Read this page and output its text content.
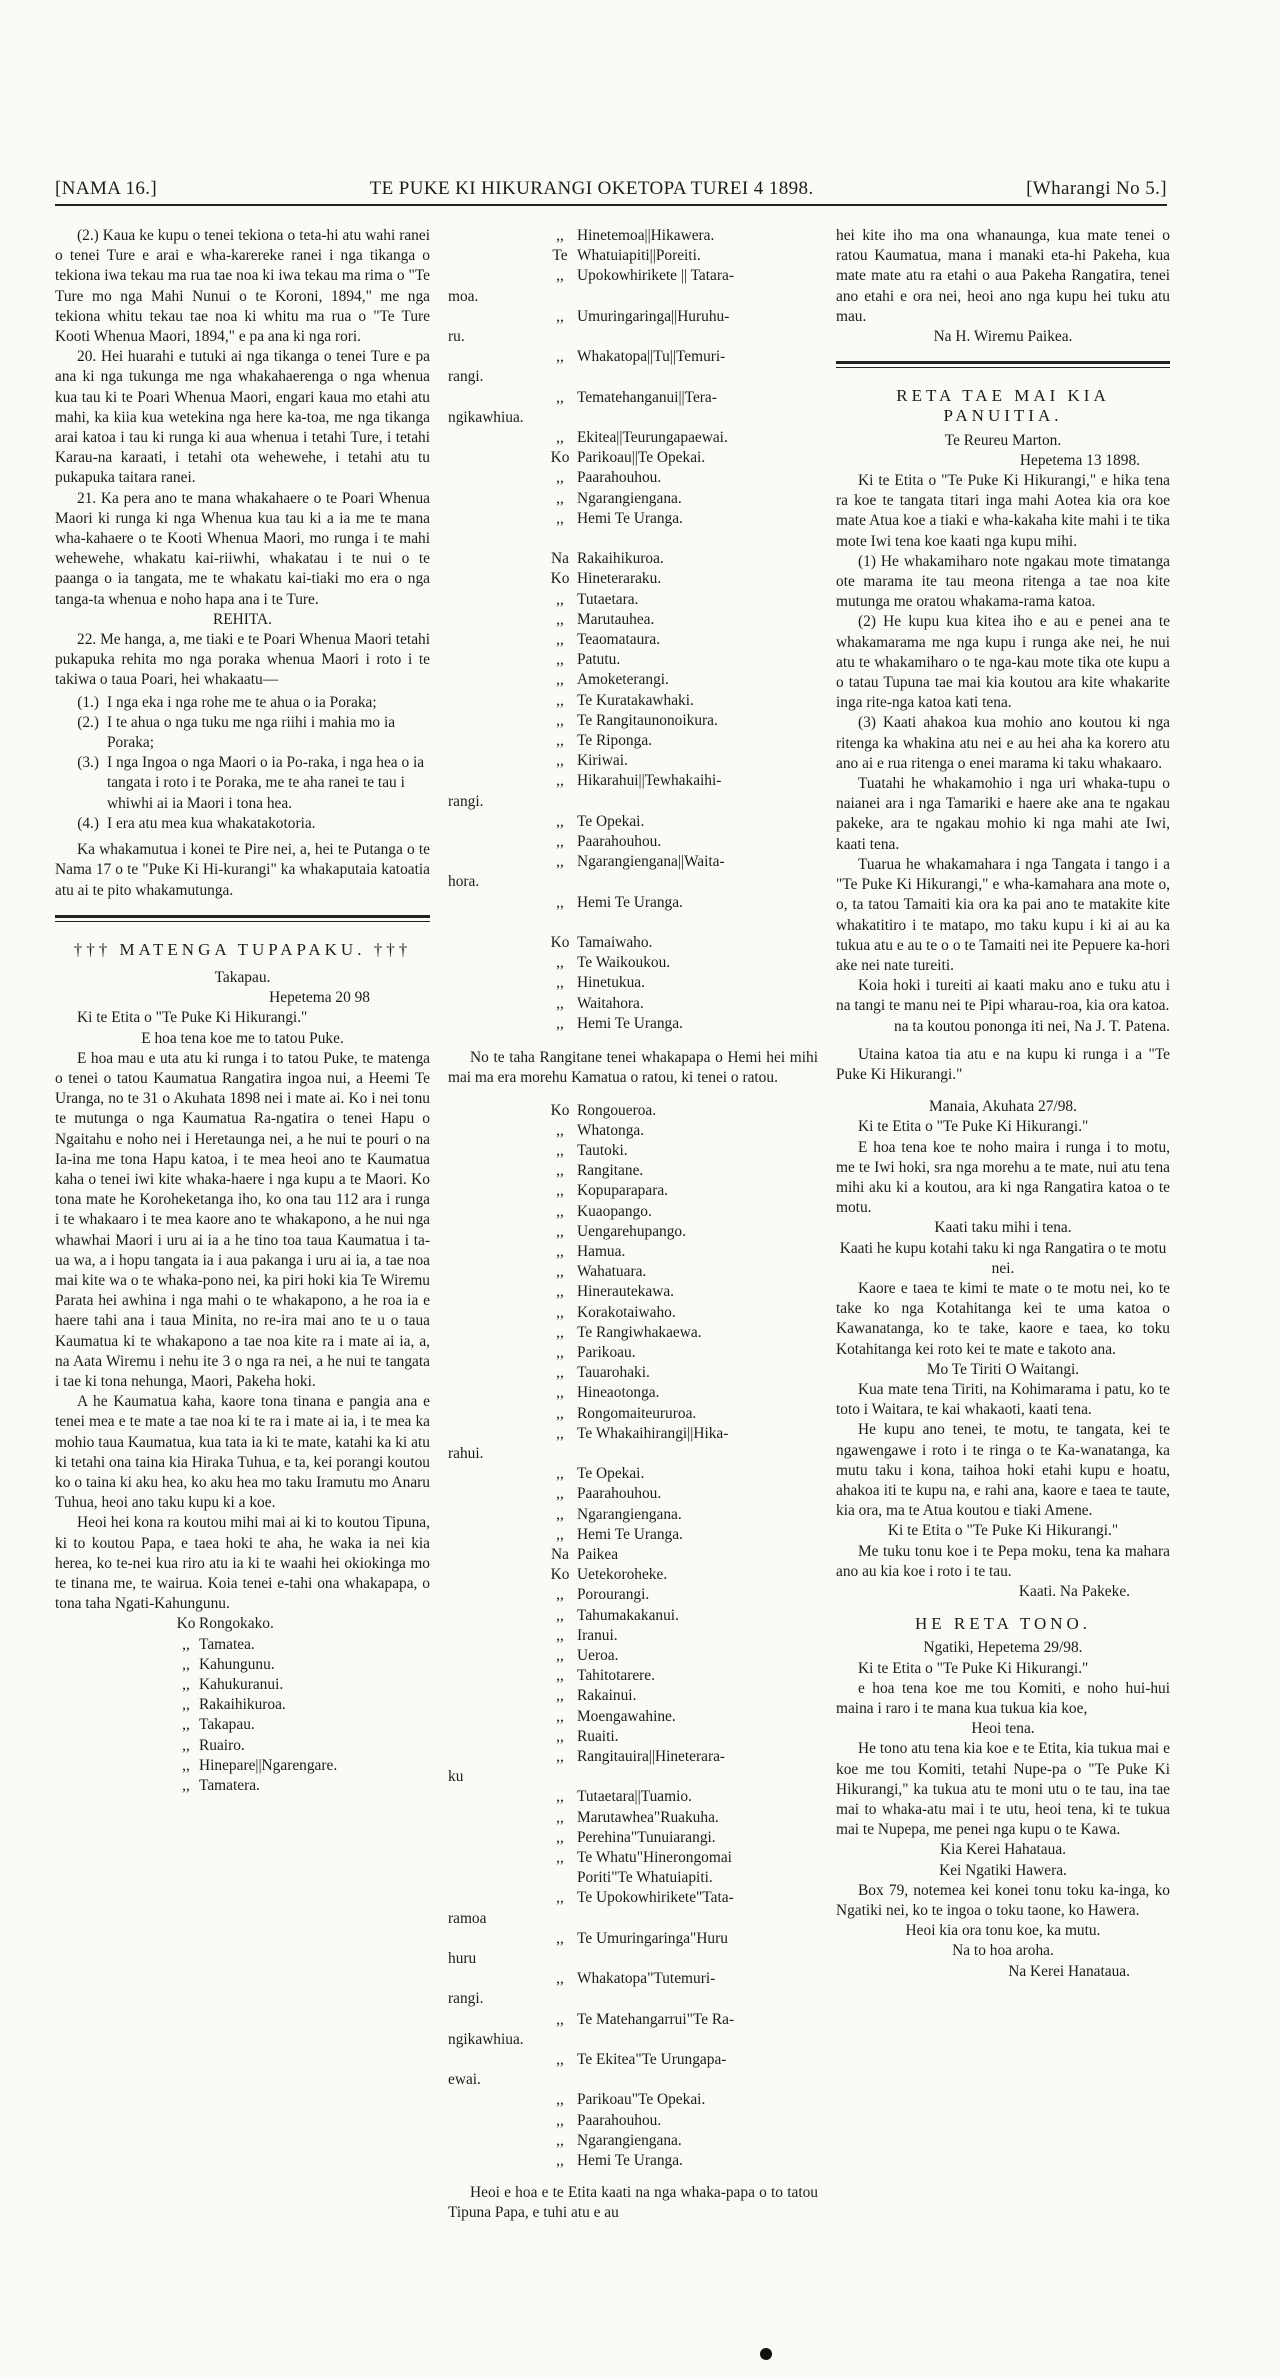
[NAMA 16.]	TE PUKE KI HIKURANGI OKETOPA TUREI 4 1898.	[Wharangi No 5.]

(2.) Kaua ke kupu o tenei tekiona o teta-hi atu wahi ranei o tenei Ture e arai e wha-karereke ranei i nga tikanga o tekiona iwa tekau ma rua tae noa ki iwa tekau ma rima o "Te Ture mo nga Mahi Nunui o te Koroni, 1894," me nga tekiona whitu tekau tae noa ki whitu ma rua o "Te Ture Kooti Whenua Maori, 1894," e pa ana ki nga rori.

20. Hei huarahi e tutuki ai nga tikanga o tenei Ture e pa ana ki nga tukunga me nga whakahaerenga o nga whenua kua tau ki te Poari Whenua Maori, engari kaua mo etahi atu mahi, ka kiia kua wetekina nga here ka-toa, me nga tikanga arai katoa i tau ki runga ki aua whenua i tetahi Ture, i tetahi Karau-na karaati, i tetahi ota wehewehe, i tetahi atu tu pukapuka taitara ranei.

21. Ka pera ano te mana whakahaere o te Poari Whenua Maori ki runga ki nga Whenua kua tau ki a ia me te mana wha-kahaere o te Kooti Whenua Maori, mo runga i te mahi wehewehe, whakatu kai-riiwhi, whakatau i te nui o te paanga o ia tangata, me te whakatu kai-tiaki mo era o nga tanga-ta whenua e noho hapa ana i te Ture.

REHITA.

22. Me hanga, a, me tiaki e te Poari Whenua Maori tetahi pukapuka rehita mo nga poraka whenua Maori i roto i te takiwa o taua Poari, hei whakaatu—

(1.) I nga eka i nga rohe me te ahua o ia Poraka;
(2.) I te ahua o nga tuku me nga riihi i mahia mo ia Poraka;
(3.) I nga Ingoa o nga Maori o ia Po-raka, i nga hea o ia tangata i roto i te Poraka, me te aha ranei te tau i whiwhi ai ia Maori i tona hea.
(4.) I era atu mea kua whakatakotoria.

Ka whakamutua i konei te Pire nei, a, hei te Putanga o te Nama 17 o te "Puke Ki Hi-kurangi" ka whakaputaia katoatia atu ai te pito whakamutunga.

††† MATENGA TUPAPAKU. †††

Takapau.

Hepetema 20 98

Ki te Etita o "Te Puke Ki Hikurangi."

E hoa tena koe me to tatou Puke.

E hoa mau e uta atu ki runga i to tatou Puke, te matenga o tenei o tatou Kaumatua Rangatira ingoa nui, a Heemi Te Uranga, no te 31 o Akuhata 1898 nei i mate ai. Ko i nei tonu te mutunga o nga Kaumatua Ra-ngatira o tenei Hapu o Ngaitahu e noho nei i Heretaunga nei, a he nui te pouri o na Ia-ina me tona Hapu katoa, i te mea heoi ano te Kaumatua kaha o tenei iwi kite whaka-haere i nga kupu a te Maori. Ko tona mate he Koroheketanga iho, ko ona tau 112 ara i runga i te whakaaro i te mea kaore ano te whakapono, a he nui nga whawhai Maori i uru ai ia a he tino toa taua Kaumatua i ta-ua wa, a i hopu tangata ia i aua pakanga i uru ai ia, a tae noa mai kite wa o te whaka-pono nei, ka piri hoki kia Te Wiremu Parata hei awhina i nga mahi o te whakapono, a he roa ia e haere tahi ana i taua Minita, no re-ira mai ano te u o taua Kaumatua ki te whakapono a tae noa kite ra i mate ai ia, a, na Aata Wiremu i nehu ite 3 o nga ra nei, a he nui te tangata i tae ki tona nehunga, Maori, Pakeha hoki.

A he Kaumatua kaha, kaore tona tinana e pangia ana e tenei mea e te mate a tae noa ki te ra i mate ai ia, i te mea ka mohio taua Kaumatua, kua tata ia ki te mate, katahi ka ki atu ki tetahi ona taina kia Hiraka Tuhua, e ta, kei porangi koutou ko o taina ki aku hea, ko aku hea mo taku Iramutu mo Anaru Tuhua, heoi ano taku kupu ki a koe.

Heoi hei kona ra koutou mihi mai ai ki to koutou Tipuna, ki to koutou Papa, e taea hoki te aha, he waka ia nei kia herea, ko te-nei kua riro atu ia ki te waahi hei okiokinga mo te tinana me, te wairua. Koia tenei e-tahi ona whakapapa, o tona taha Ngati-Kahungunu.

Ko Rongokako.
,, Tamatea.
,, Kahungunu.
,, Kahukuranui.
,, Rakaihikuroa.
,, Takapau.
,, Ruairo.
,, Hinepare||Ngarengare.
,, Tamatera.
,, Hinetemoa||Hikawera.
Te Whatuiapiti||Poreiti.
,, Upokowhirikete || Tatara-
moa.
,, Umuringaringa||Huruhu-
ru.
,, Whakatopa||Tu||Temuri-
rangi.
,, Tematehanganui||Tera-
ngikawhiua.
,, Ekitea||Teurungapaewai.
Ko Parikoau||Te Opekai.
,, Paarahouhou.
,, Ngarangiengana.
,, Hemi Te Uranga.
Na Rakaihikuroa.
Ko Hineteraraku.
,, Tutaetara.
,, Marutauhea.
,, Teaomataura.
,, Patutu.
,, Amoketerangi.
,, Te Kuratakawhaki.
,, Te Rangitaunonoikura.
,, Te Riponga.
,, Kiriwai.
,, Hikarahui||Tewhakaihi-
rangi.
,, Te Opekai.
,, Paarahouhou.
,, Ngarangiengana||Waita-
hora.
,, Hemi Te Uranga.
Ko Tamaiwaho.
,, Te Waikoukou.
,, Hinetukua.
,, Waitahora.
,, Hemi Te Uranga.

No te taha Rangitane tenei whakapapa o Hemi hei mihi mai ma era morehu Kamatua o ratou, ki tenei o ratou.

Ko Rongoueroa.
,, Whatonga.
,, Tautoki.
,, Rangitane.
,, Kopuparapara.
,, Kuaopango.
,, Uengarehupango.
,, Hamua.
,, Wahatuara.
,, Hinerautekawa.
,, Korakotaiwaho.
,, Te Rangiwhakaewa.
,, Parikoau.
,, Tauarohaki.
,, Hineaotonga.
,, Rongomaiteururoa.
,, Te Whakaihirangi||Hika-
rahui.
,, Te Opekai.
,, Paarahouhou.
,, Ngarangiengana.
,, Hemi Te Uranga.
Na Paikea
Ko Uetekoroheke.
,, Porourangi.
,, Tahumakakanui.
,, Iranui.
,, Ueroa.
,, Tahitotarere.
,, Rakainui.
,, Moengawahine.
,, Ruaiti.
,, Rangitauira||Hineterara-
ku
,, Tutaetara||Tuamio.
,, Marutawhea"Ruakuha.
,, Perehina"Tunuiarangi.
,, Te Whatu"Hinerongomai
Poriti"Te Whatuiapiti.
,, Te Upokowhirikete"Tata-
ramoa
,, Te Umuringaringa"Huru
huru
,, Whakatopa"Tutemuri-
rangi.
,, Te Matehangarrui"Te Ra-
ngikawhiua.
,, Te Ekitea"Te Urungapa-
ewai.
,, Parikoau"Te Opekai.
,, Paarahouhou.
,, Ngarangiengana.
,, Hemi Te Uranga.

Heoi e hoa e te Etita kaati na nga whaka-papa o to tatou Tipuna Papa, e tuhi atu e au

hei kite iho ma ona whanaunga, kua mate tenei o ratou Kaumatua, mana i manaki eta-hi Pakeha, kua mate mate atu ra etahi o aua Pakeha Rangatira, tenei ano etahi e ora nei, heoi ano nga kupu hei tuku atu mau.

Na H. Wiremu Paikea.

RETA TAE MAI KIA PANUITIA.

Te Reureu Marton.

Hepetema 13 1898.

Ki te Etita o "Te Puke Ki Hikurangi," e hika tena ra koe te tangata titari inga mahi Aotea kia ora koe mate Atua koe a tiaki e wha-kakaha kite mahi i te tika mote Iwi tena koe kaati nga kupu mihi.

(1) He whakamiharo note ngakau mote timatanga ote marama ite tau meona ritenga a tae noa kite mutunga me oratou whakama-rama katoa.

(2) He kupu kua kitea iho e au e penei ana te whakamarama me nga kupu i runga ake nei, he nui atu te whakamiharo o te nga-kau mote tika ote kupu a o tatau Tupuna tae mai kia koutou ara kite whakarite inga rite-nga katoa kati tena.

(3) Kaati ahakoa kua mohio ano koutou ki nga ritenga ka whakina atu nei e au hei aha ka korero atu ano ai e rua ritenga o enei marama ki taku whakaaro.

Tuatahi he whakamohio i nga uri whaka-tupu o naianei ara i nga Tamariki e haere ake ana te ngakau pakeke, ara te ngakau mohio ki nga mahi ate Iwi, kaati tena.

Tuarua he whakamahara i nga Tangata i tango i a "Te Puke Ki Hikurangi," e wha-kamahara ana mote o, o, ta tatou Tamaiti kia ora ka pai ano te matakite kite whakatitiro i te matapo, mo taku kupu i ki ai au ka tukua atu e au te o o te Tamaiti nei ite Pepuere ka-hori ake nei nate tureiti.

Koia hoki i tureiti ai kaati maku ano e tuku atu i na tangi te manu nei te Pipi wharau-roa, kia ora katoa.

na ta koutou pononga iti nei, Na J. T. Patena.

Utaina katoa tia atu e na kupu ki runga i a "Te Puke Ki Hikurangi."

Manaia, Akuhata 27/98.

Ki te Etita o "Te Puke Ki Hikurangi."

E hoa tena koe te noho maira i runga i to motu, me te Iwi hoki, sra nga morehu a te mate, nui atu tena mihi aku ki a koutou, ara ki nga Rangatira katoa o te motu.

Kaati taku mihi i tena.

Kaati he kupu kotahi taku ki nga Rangatira o te motu nei.

Kaore e taea te kimi te mate o te motu nei, ko te take ko nga Kotahitanga kei te uma katoa o Kawanatanga, ko te take, kaore e taea, ko toku Kotahitanga kei roto kei te mate e takoto ana.

Mo Te Tiriti O Waitangi.

Kua mate tena Tiriti, na Kohimarama i patu, ko te toto i Waitara, te kai whakaoti, kaati tena.

He kupu ano tenei, te motu, te tangata, kei te ngawengawe i roto i te ringa o te Ka-wanatanga, ka mutu taku i kona, taihoa hoki etahi kupu e hoatu, ahakoa iti te kupu na, e rahi ana, kaore e taea te taute, kia ora, ma te Atua koutou e tiaki Amene.

Ki te Etita o "Te Puke Ki Hikurangi."

Me tuku tonu koe i te Pepa moku, tena ka mahara ano au kia koe i roto i te tau.

Kaati. Na Pakeke.

HE RETA TONO.

Ngatiki, Hepetema 29/98.

Ki te Etita o "Te Puke Ki Hikurangi."

e hoa tena koe me tou Komiti, e noho hui-hui maina i raro i te mana kua tukua kia koe,

Heoi tena.

He tono atu tena kia koe e te Etita, kia tukua mai e koe me tou Komiti, tetahi Nupe-pa o "Te Puke Ki Hikurangi," ka tukua atu te moni utu o te tau, ina tae mai to whaka-atu mai i te utu, heoi tena, ki te tukua mai te Nupepa, me penei nga kupu o te Kawa.

Kia Kerei Hahataua.

Kei Ngatiki Hawera.

Box 79, notemea kei konei tonu toku ka-inga, ko Ngatiki nei, ko te ingoa o toku taone, ko Hawera.

Heoi kia ora tonu koe, ka mutu.

Na to hoa aroha.

Na Kerei Hanataua.
